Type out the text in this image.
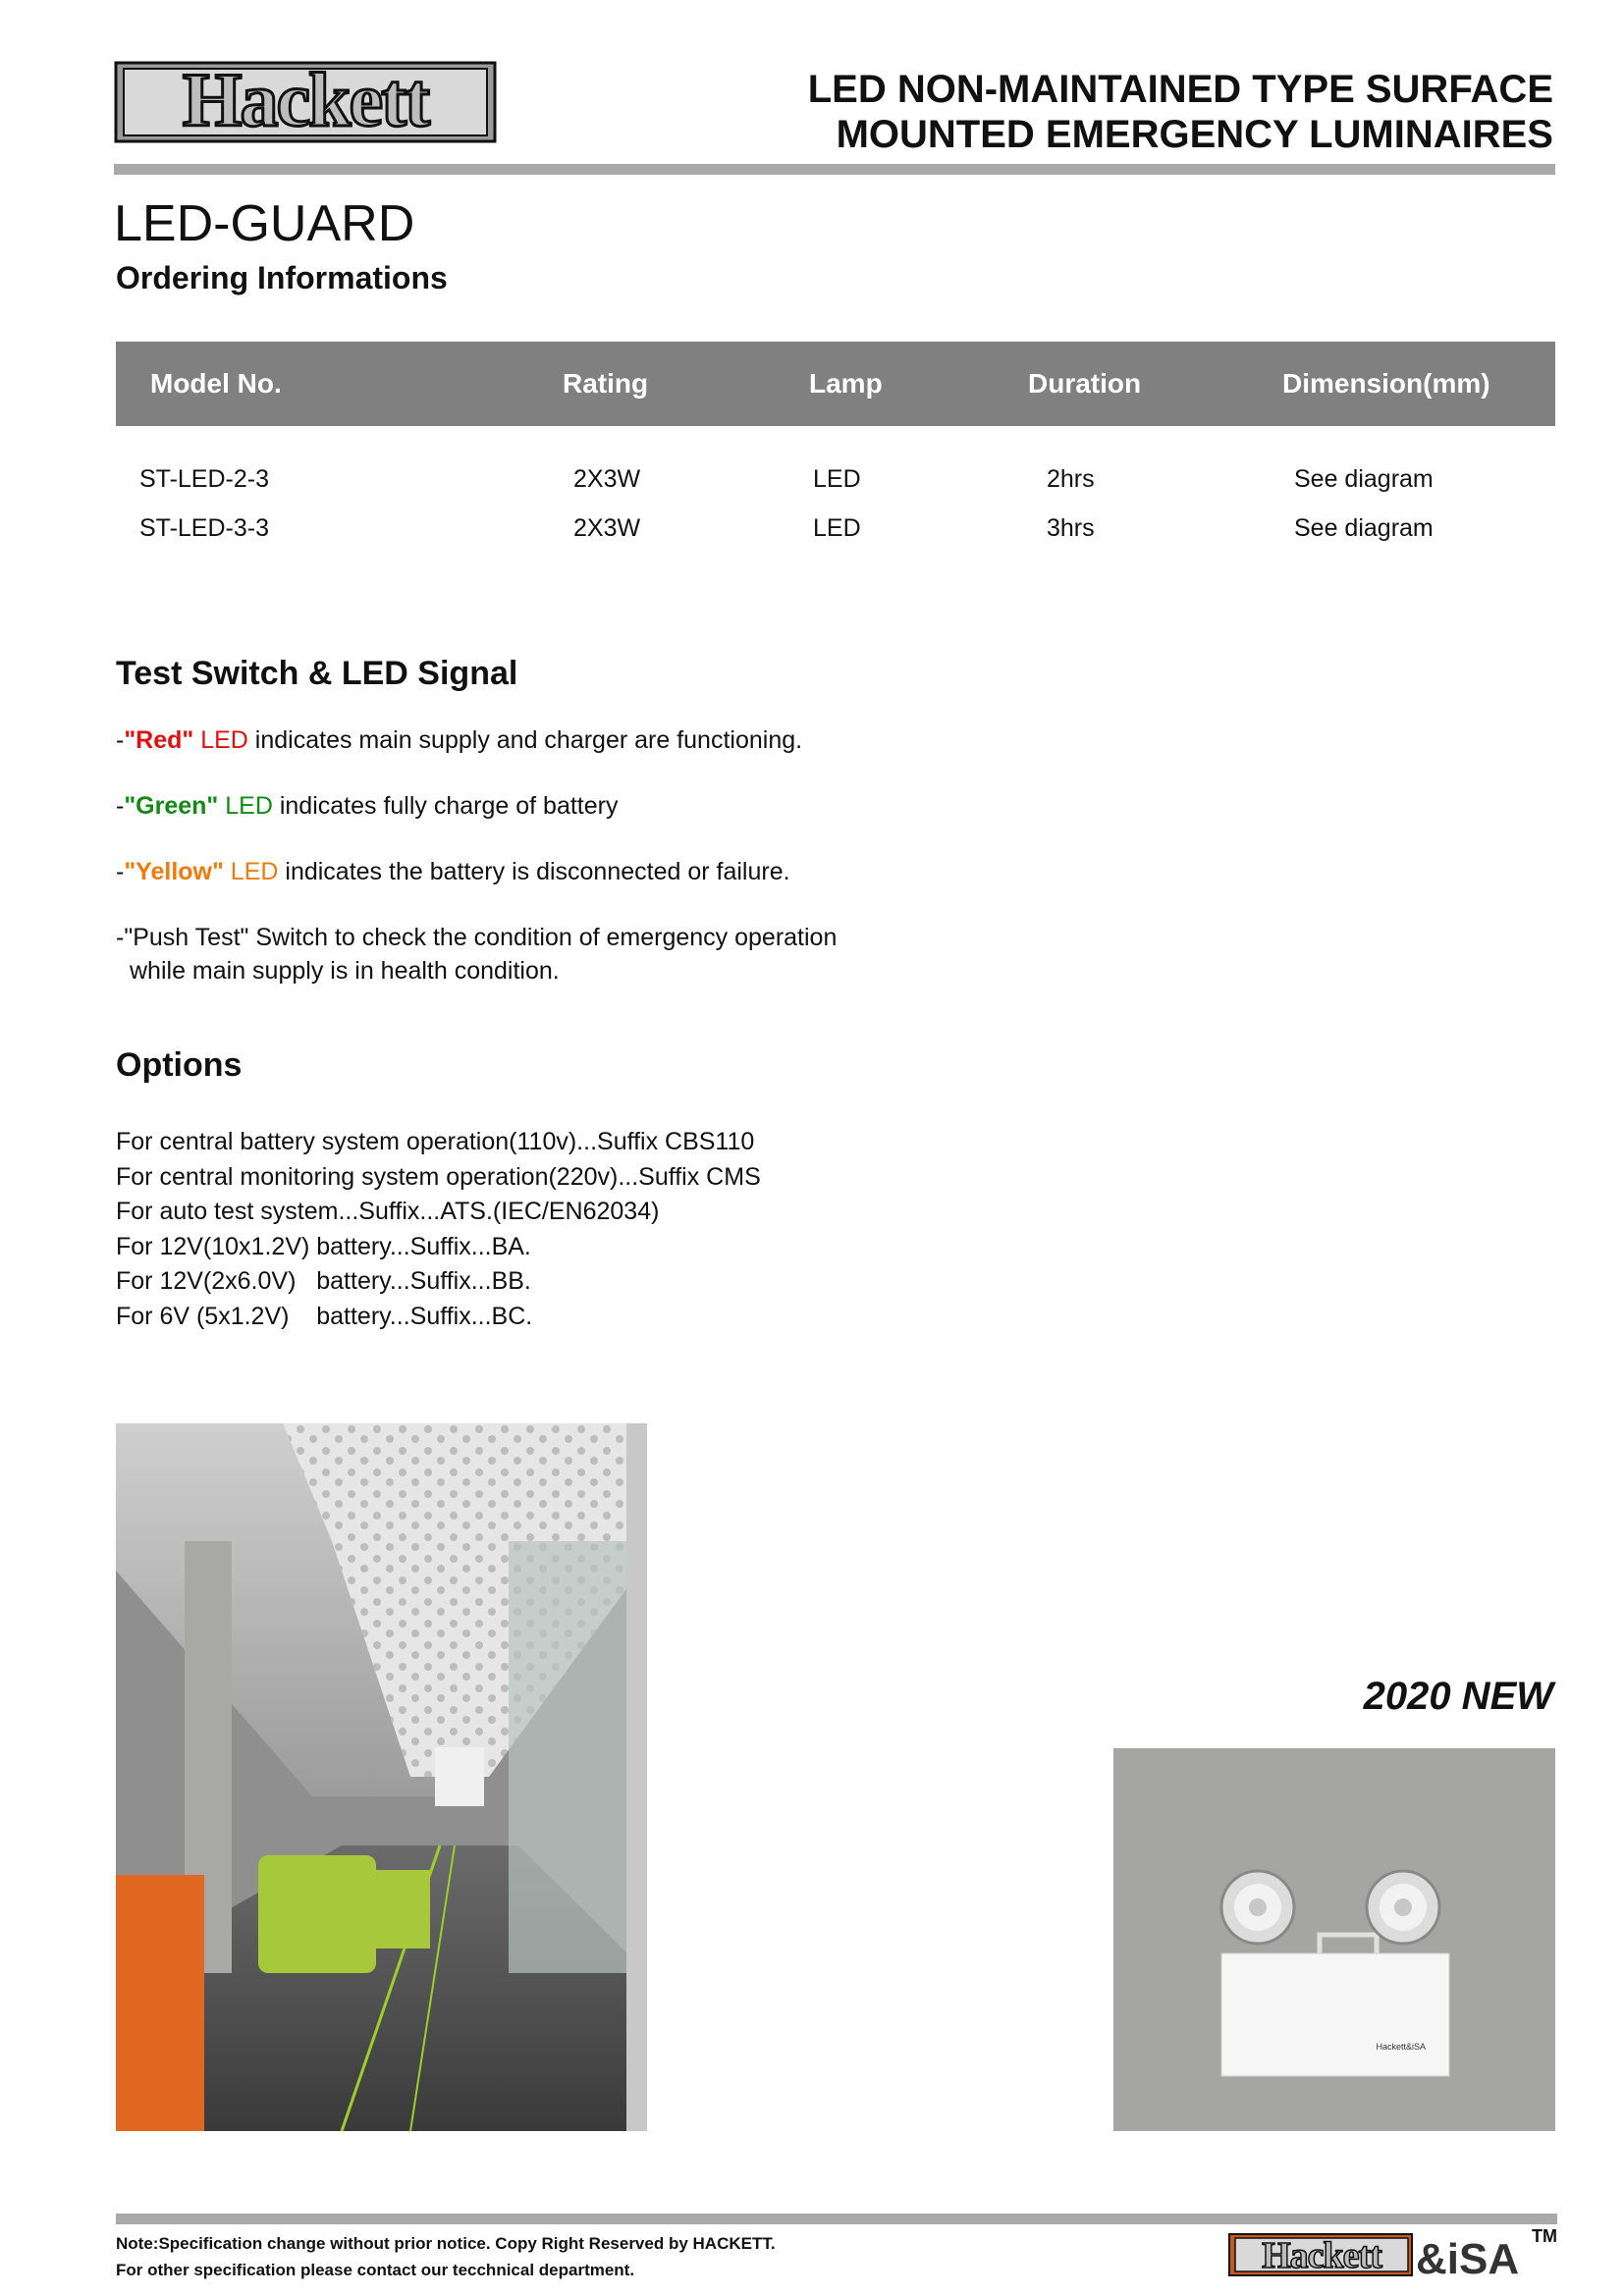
Hackett	LED NON-MAINTAINED TYPE SURFACE
MOUNTED EMERGENCY LUMINAIRES
LED-GUARD
Ordering Informations
Model No.	Rating	Lamp	Duration	Dimension(mm)
ST-LED-2-3	2X3W	LED	2hrs	See diagram
ST-LED-3-3	2X3W	LED	3hrs	See diagram
Test Switch & LED Signal
-"Red" LED indicates main supply and charger are functioning.
-"Green" LED indicates fully charge of battery
-"Yellow" LED indicates the battery is disconnected or failure.
-"Push Test" Switch to check the condition of emergency operation
while main supply is in health condition.
Options
For central battery system operation(110v)...Suffix CBS110
For central monitoring system operation(220v)...Suffix CMS
For auto test system...Suffix...ATS.(IEC/EN62034)
For 12V(10x1.2V) battery...Suffix...BA.
For 12V(2x6.0V)   battery...Suffix...BB.
For 6V (5x1.2V)    battery...Suffix...BC.
2020 NEW
Hackett&iSA
Note:Specification change without prior notice. Copy Right Reserved by HACKETT.
For other specification please contact our tecchnical department.	Hackett &iSA TM
